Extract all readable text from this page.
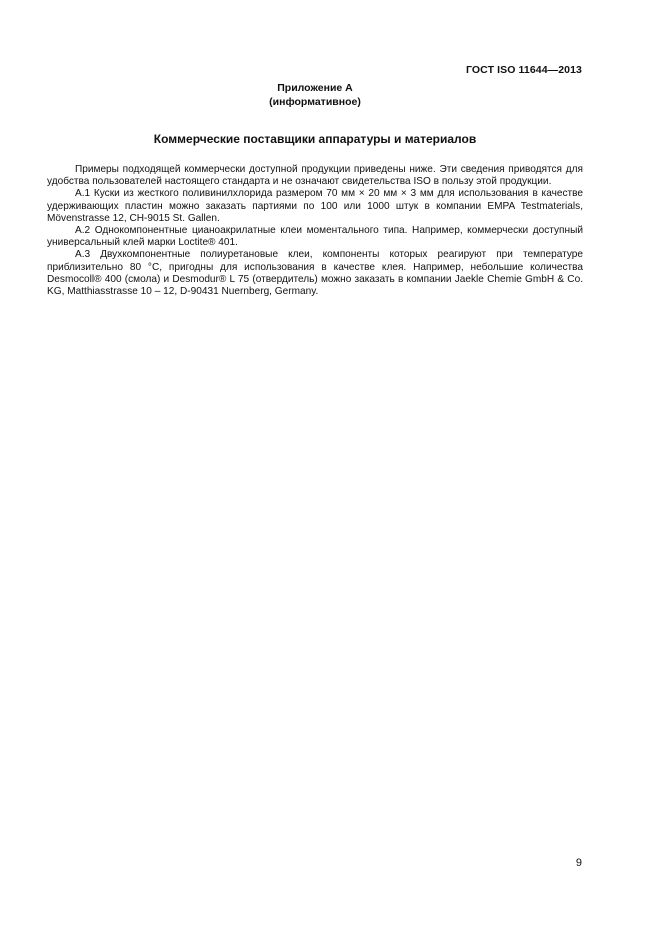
ГОСТ ISO 11644—2013
Приложение А
(информативное)
Коммерческие поставщики аппаратуры и материалов

Примеры подходящей коммерчески доступной продукции приведены ниже. Эти сведения приводятся для удобства пользователей настоящего стандарта и не означают свидетельства ISO в пользу этой продукции.

А.1 Куски из жесткого поливинилхлорида размером 70 мм × 20 мм × 3 мм для использования в качестве удерживающих пластин можно заказать партиями по 100 или 1000 штук в компании EMPA Testmaterials, Mövenstrasse 12, CH-9015 St. Gallen.

А.2 Однокомпонентные цианоакрилатные клеи моментального типа. Например, коммерчески доступный универсальный клей марки Loctite® 401.

А.3 Двухкомпонентные полиуретановые клеи, компоненты которых реагируют при температуре приблизительно 80 °С, пригодны для использования в качестве клея. Например, небольшие количества Desmocoll® 400 (смола) и Desmodur® L 75 (отвердитель) можно заказать в компании Jaekle Chemie GmbH & Co. KG, Matthiasstrasse 10 – 12, D-90431 Nuernberg, Germany.

9
